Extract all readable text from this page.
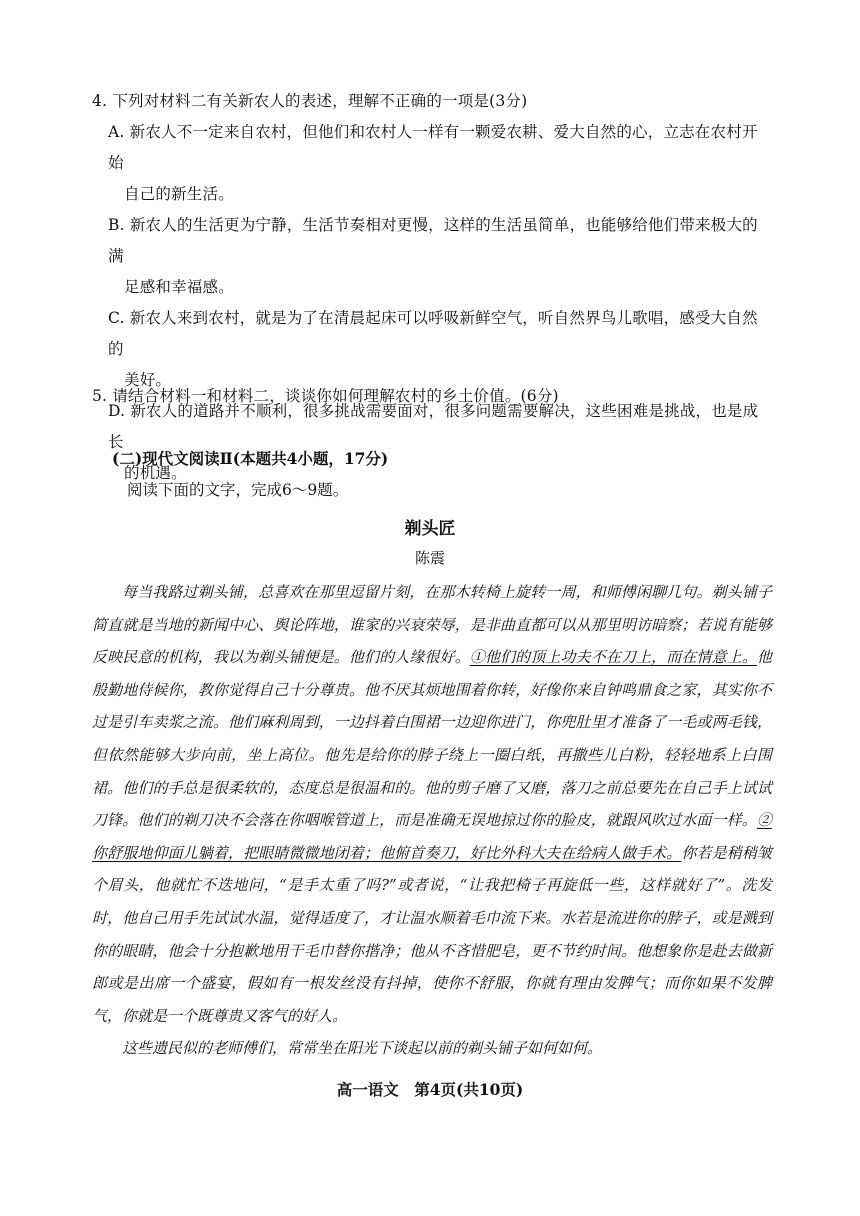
4. 下列对材料二有关新农人的表述，理解不正确的一项是(3分)

A. 新农人不一定来自农村，但他们和农村人一样有一颗爱农耕、爱大自然的心，立志在农村开始
自己的新生活。

B. 新农人的生活更为宁静，生活节奏相对更慢，这样的生活虽简单，也能够给他们带来极大的满
足感和幸福感。

C. 新农人来到农村，就是为了在清晨起床可以呼吸新鲜空气，听自然界鸟儿歌唱，感受大自然的
美好。

D. 新农人的道路并不顺利，很多挑战需要面对，很多问题需要解决，这些困难是挑战，也是成长
的机遇。

5. 请结合材料一和材料二，谈谈你如何理解农村的乡土价值。(6分)

(二)现代文阅读Ⅱ(本题共4小题，17分)
阅读下面的文字，完成6～9题。
剃头匠
陈震

每当我路过剃头铺，总喜欢在那里逗留片刻，在那木转椅上旋转一周，和师傅闲聊几句。剃头铺子简直就是当地的新闻中心、舆论阵地，谁家的兴衰荣辱，是非曲直都可以从那里明访暗察；若说有能够反映民意的机构，我以为剃头铺便是。他们的人缘很好。①他们的顶上功夫不在刀上，而在情意上。他殷勤地侍候你，教你觉得自己十分尊贵。他不厌其烦地围着你转，好像你来自钟鸣鼎食之家，其实你不过是引车卖浆之流。他们麻利周到，一边抖着白围裙一边迎你进门，你兜肚里才准备了一毛或两毛钱，但依然能够大步向前，坐上高位。他先是给你的脖子绕上一圈白纸，再撒些儿白粉，轻轻地系上白围裙。他们的手总是很柔软的，态度总是很温和的。他的剪子磨了又磨，落刀之前总要先在自己手上试试刀锋。他们的剃刀决不会落在你咽喉管道上，而是准确无误地掠过你的脸皮，就跟风吹过水面一样。②你舒服地仰面儿躺着，把眼睛微微地闭着；他俯首奏刀，好比外科大夫在给病人做手术。你若是稍稍皱个眉头，他就忙不迭地问，“是手太重了吗?”或者说，“让我把椅子再旋低一些，这样就好了”。洗发时，他自己用手先试试水温，觉得适度了，才让温水顺着毛巾流下来。水若是流进你的脖子，或是溅到你的眼睛，他会十分抱歉地用干毛巾替你揩净；他从不吝惜肥皂，更不节约时间。他想象你是赴去做新郎或是出席一个盛宴，假如有一根发丝没有抖掉，使你不舒服，你就有理由发脾气；而你如果不发脾气，你就是一个既尊贵又客气的好人。

这些遗民似的老师傅们，常常坐在阳光下谈起以前的剃头铺子如何如何。

高一语文　第4页(共10页)
